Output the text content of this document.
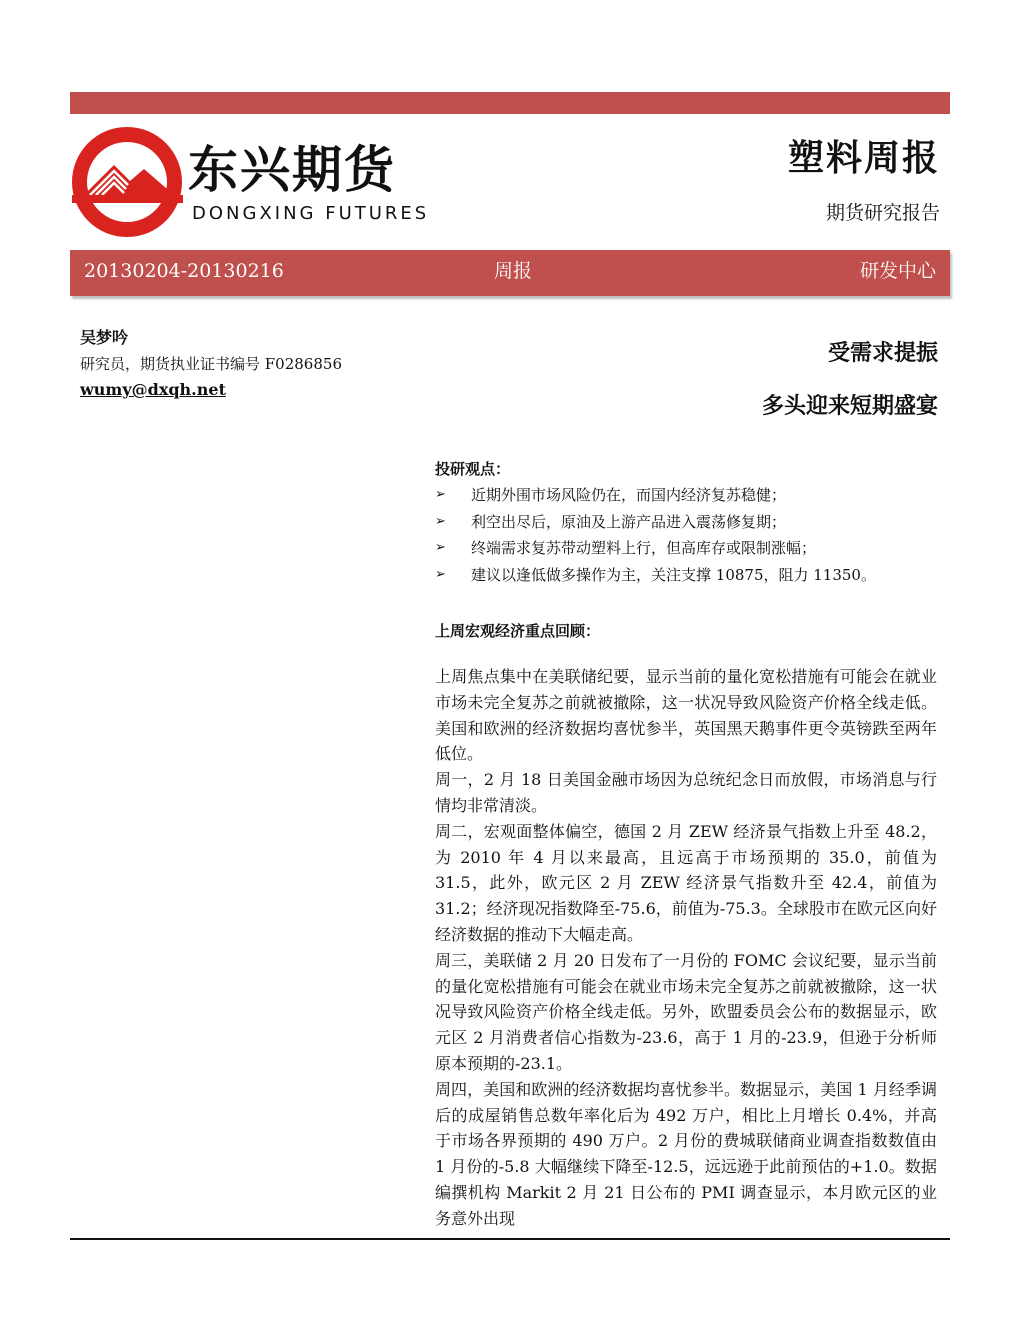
东兴期货
DONGXING FUTURES
塑料周报
期货研究报告
20130204-20130216	周报	研发中心
吴梦吟
研究员，期货执业证书编号 F0286856
wumy@dxqh.net
受需求提振
多头迎来短期盛宴
投研观点：
➢ 近期外围市场风险仍在，而国内经济复苏稳健；
➢ 利空出尽后，原油及上游产品进入震荡修复期；
➢ 终端需求复苏带动塑料上行，但高库存或限制涨幅；
➢ 建议以逢低做多操作为主，关注支撑 10875，阻力 11350。
上周宏观经济重点回顾：

上周焦点集中在美联储纪要，显示当前的量化宽松措施有可能会在就业市场未完全复苏之前就被撤除，这一状况导致风险资产价格全线走低。美国和欧洲的经济数据均喜忧参半，英国黑天鹅事件更令英镑跌至两年低位。

周一，2 月 18 日美国金融市场因为总统纪念日而放假，市场消息与行情均非常清淡。

周二，宏观面整体偏空，德国 2 月 ZEW 经济景气指数上升至 48.2，为 2010 年 4 月以来最高，且远高于市场预期的 35.0，前值为 31.5，此外，欧元区 2 月 ZEW 经济景气指数升至 42.4，前值为 31.2；经济现况指数降至-75.6，前值为-75.3。全球股市在欧元区向好经济数据的推动下大幅走高。

周三，美联储 2 月 20 日发布了一月份的 FOMC 会议纪要，显示当前的量化宽松措施有可能会在就业市场未完全复苏之前就被撤除，这一状况导致风险资产价格全线走低。另外，欧盟委员会公布的数据显示，欧元区 2 月消费者信心指数为-23.6，高于 1 月的-23.9，但逊于分析师原本预期的-23.1。

周四，美国和欧洲的经济数据均喜忧参半。数据显示，美国 1 月经季调后的成屋销售总数年率化后为 492 万户，相比上月增长 0.4%，并高于市场各界预期的 490 万户。2 月份的费城联储商业调查指数数值由 1 月份的-5.8 大幅继续下降至-12.5，远远逊于此前预估的+1.0。数据编撰机构 Markit 2 月 21 日公布的 PMI 调查显示，本月欧元区的业务意外出现
